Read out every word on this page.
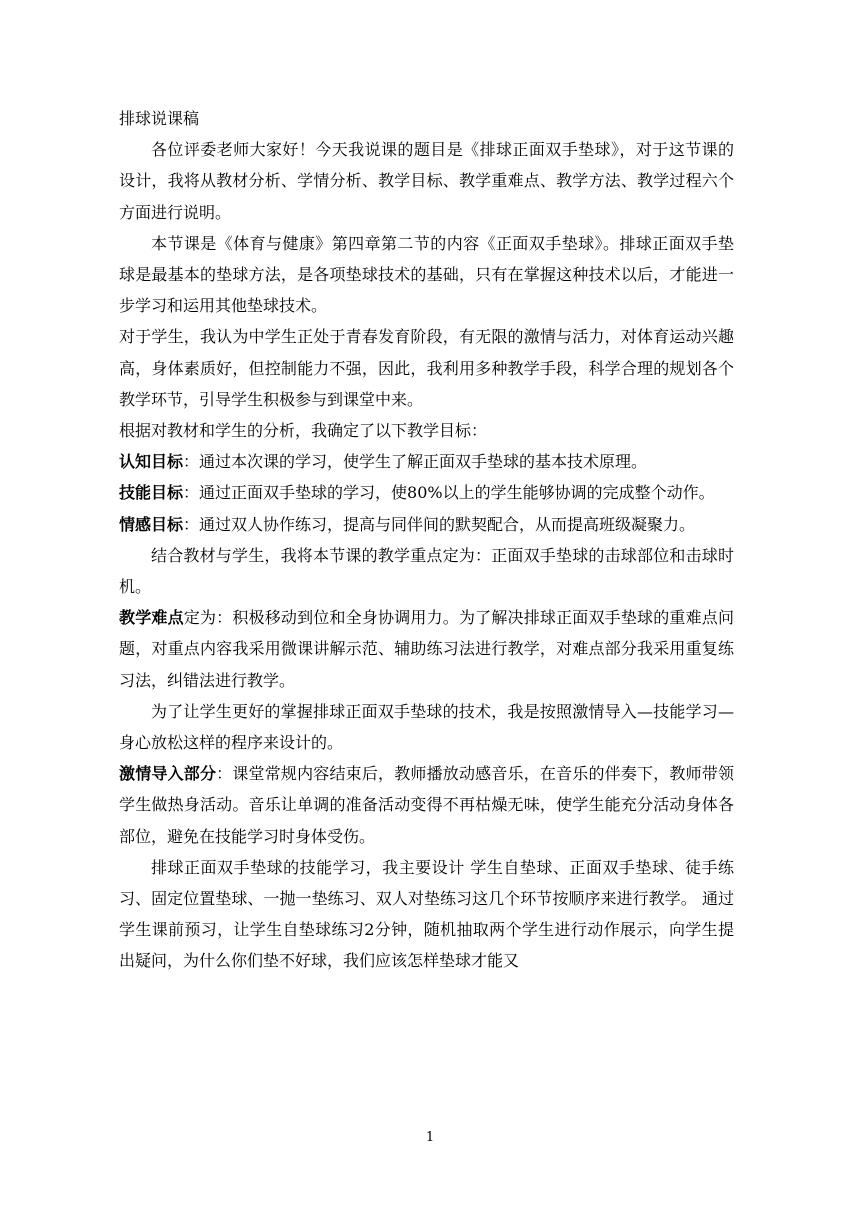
排球说课稿

各位评委老师大家好！今天我说课的题目是《排球正面双手垫球》，对于这节课的设计，我将从教材分析、学情分析、教学目标、教学重难点、教学方法、教学过程六个方面进行说明。

本节课是《体育与健康》第四章第二节的内容《正面双手垫球》。排球正面双手垫球是最基本的垫球方法，是各项垫球技术的基础，只有在掌握这种技术以后，才能进一步学习和运用其他垫球技术。

对于学生，我认为中学生正处于青春发育阶段，有无限的激情与活力，对体育运动兴趣高，身体素质好，但控制能力不强，因此，我利用多种教学手段，科学合理的规划各个教学环节，引导学生积极参与到课堂中来。

根据对教材和学生的分析，我确定了以下教学目标：

认知目标：通过本次课的学习，使学生了解正面双手垫球的基本技术原理。

技能目标：通过正面双手垫球的学习，使80%以上的学生能够协调的完成整个动作。

情感目标：通过双人协作练习，提高与同伴间的默契配合，从而提高班级凝聚力。

结合教材与学生，我将本节课的教学重点定为：正面双手垫球的击球部位和击球时机。

教学难点定为：积极移动到位和全身协调用力。为了解决排球正面双手垫球的重难点问题，对重点内容我采用微课讲解示范、辅助练习法进行教学，对难点部分我采用重复练习法，纠错法进行教学。

为了让学生更好的掌握排球正面双手垫球的技术，我是按照激情导入—技能学习—身心放松这样的程序来设计的。

激情导入部分：课堂常规内容结束后，教师播放动感音乐，在音乐的伴奏下，教师带领学生做热身活动。音乐让单调的准备活动变得不再枯燥无味，使学生能充分活动身体各部位，避免在技能学习时身体受伤。

排球正面双手垫球的技能学习，我主要设计 学生自垫球、正面双手垫球、徒手练习、固定位置垫球、一抛一垫练习、双人对垫练习这几个环节按顺序来进行教学。 通过学生课前预习，让学生自垫球练习2分钟，随机抽取两个学生进行动作展示，向学生提出疑问，为什么你们垫不好球，我们应该怎样垫球才能又

1
